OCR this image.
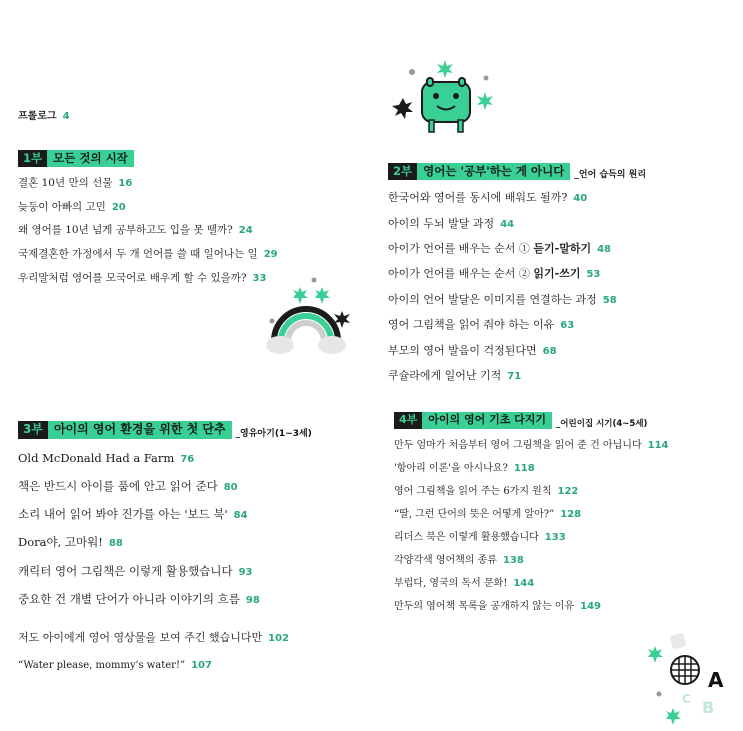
프롤로그 4
1부 모든 것의 시작
결혼 10년 만의 선물 16
늦둥이 아빠의 고민 20
왜 영어를 10년 넘게 공부하고도 입을 못 뗄까? 24
국제결혼한 가정에서 두 개 언어를 쓸 때 일어나는 일 29
우리말처럼 영어를 모국어로 배우게 할 수 있을까? 33
2부 영어는 '공부'하는 게 아니다	_언어 습득의 원리
한국어와 영어를 동시에 배워도 될까? 40
아이의 두뇌 발달 과정 44
아이가 언어를 배우는 순서 ① 듣기-말하기 48
아이가 언어를 배우는 순서 ② 읽기-쓰기 53
아이의 언어 발달은 이미지를 연결하는 과정 58
영어 그림책을 읽어 줘야 하는 이유 63
부모의 영어 발음이 걱정된다면 68
쿠슐라에게 일어난 기적 71
3부 아이의 영어 환경을 위한 첫 단추	_영유아기(1~3세)
Old McDonald Had a Farm 76
책은 반드시 아이를 품에 안고 읽어 준다 80
소리 내어 읽어 봐야 진가를 아는 '보드 북' 84
Dora야, 고마워! 88
캐릭터 영어 그림책은 이렇게 활용했습니다 93
중요한 건 개별 단어가 아니라 이야기의 흐름 98
저도 아이에게 영어 영상물을 보여 주긴 했습니다만 102
“Water please, mommy's water!” 107
4부	아이의 영어 기초 다지기	_어린이집 시기(4~5세)
만두 엄마가 처음부터 영어 그림책을 읽어 준 건 아닙니다 114
'항아리 이론'을 아시나요? 118
영어 그림책을 읽어 주는 6가지 원칙 122
“딸, 그런 단어의 뜻은 어떻게 알아?” 128
리더스 북은 이렇게 활용했습니다 133
각양각색 영어책의 종류 138
부럽다, 영국의 독서 문화! 144
만두의 영어책 목록을 공개하지 않는 이유 149
A
B
C
